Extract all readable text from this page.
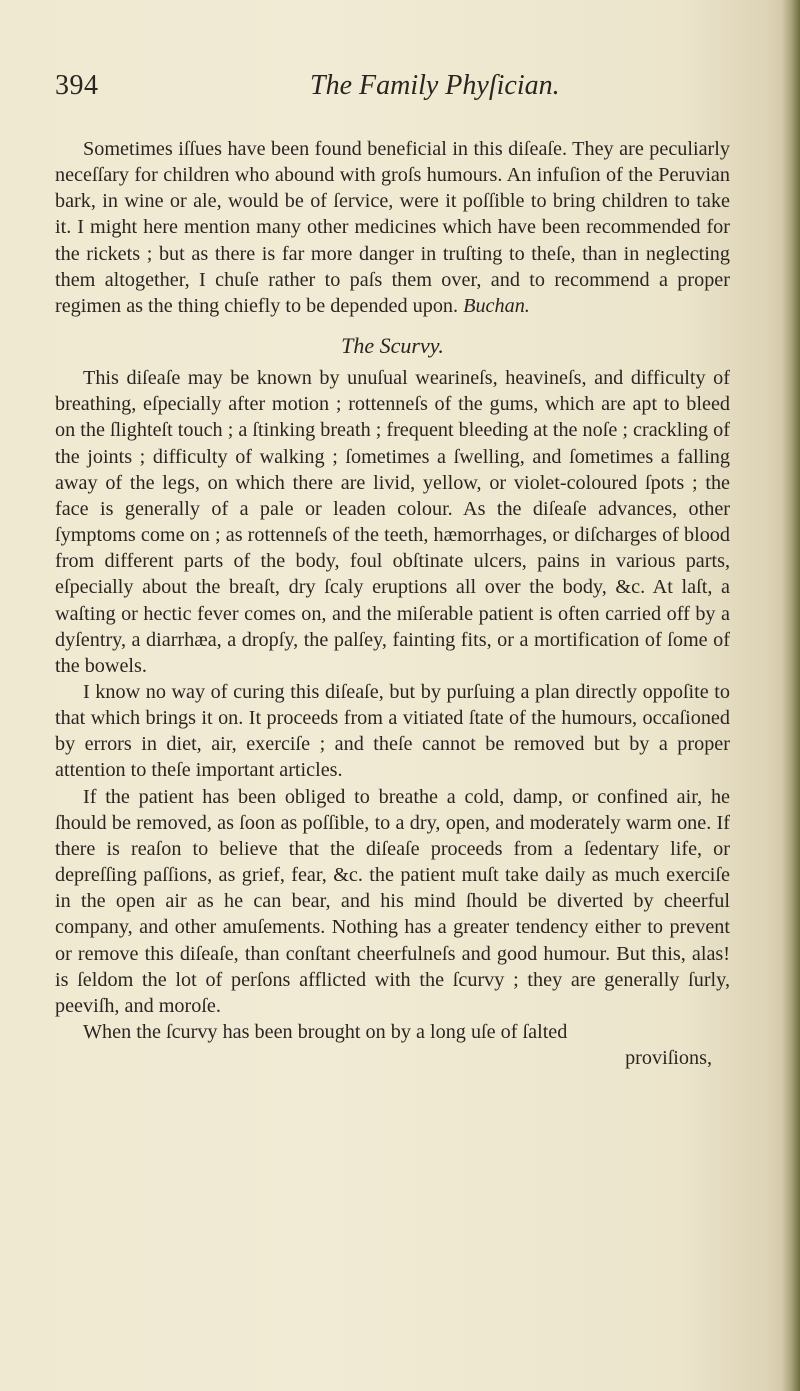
394	The Family Phyſician.

Sometimes iſſues have been found beneficial in this diſeaſe. They are peculiarly neceſſary for children who abound with groſs humours. An infuſion of the Peruvian bark, in wine or ale, would be of ſervice, were it poſſible to bring children to take it. I might here mention many other medicines which have been recommended for the rickets ; but as there is far more danger in truſting to theſe, than in neglecting them altogether, I chuſe rather to paſs them over, and to recommend a proper regimen as the thing chiefly to be depended upon. Buchan.

The Scurvy.

This diſeaſe may be known by unuſual wearineſs, heavineſs, and difficulty of breathing, eſpecially after motion ; rottenneſs of the gums, which are apt to bleed on the ſlighteſt touch ; a ſtinking breath ; frequent bleeding at the noſe ; crackling of the joints ; difficulty of walking ; ſometimes a ſwelling, and ſometimes a falling away of the legs, on which there are livid, yellow, or violet-coloured ſpots ; the face is generally of a pale or leaden colour. As the diſeaſe advances, other ſymptoms come on ; as rottenneſs of the teeth, hæmorrhages, or diſcharges of blood from different parts of the body, foul obſtinate ulcers, pains in various parts, eſpecially about the breaſt, dry ſcaly eruptions all over the body, &c. At laſt, a waſting or hectic fever comes on, and the miſerable patient is often carried off by a dyſentry, a diarrhæa, a dropſy, the palſey, fainting fits, or a mortification of ſome of the bowels.

I know no way of curing this diſeaſe, but by purſuing a plan directly oppoſite to that which brings it on. It proceeds from a vitiated ſtate of the humours, occaſioned by errors in diet, air, exerciſe ; and theſe cannot be removed but by a proper attention to theſe important articles.

If the patient has been obliged to breathe a cold, damp, or confined air, he ſhould be removed, as ſoon as poſſible, to a dry, open, and moderately warm one. If there is reaſon to believe that the diſeaſe proceeds from a ſedentary life, or depreſſing paſſions, as grief, fear, &c. the patient muſt take daily as much exerciſe in the open air as he can bear, and his mind ſhould be diverted by cheerful company, and other amuſements. Nothing has a greater tendency either to prevent or remove this diſeaſe, than conſtant cheerfulneſs and good humour. But this, alas! is ſeldom the lot of perſons afflicted with the ſcurvy ; they are generally ſurly, peeviſh, and moroſe.

When the ſcurvy has been brought on by a long uſe of ſalted

proviſions,
